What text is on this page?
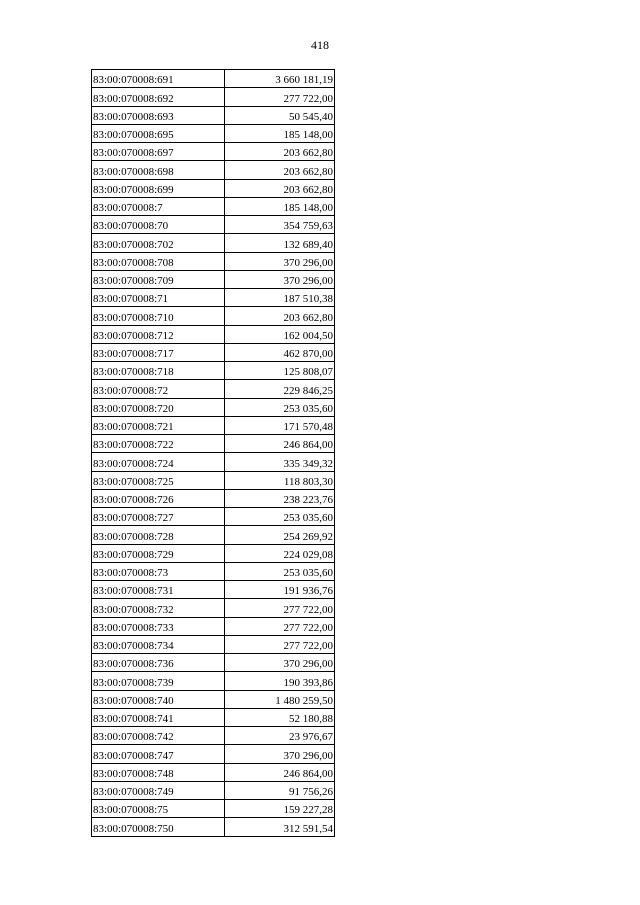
418
83:00:070008:691	3 660 181,19
83:00:070008:692	277 722,00
83:00:070008:693	50 545,40
83:00:070008:695	185 148,00
83:00:070008:697	203 662,80
83:00:070008:698	203 662,80
83:00:070008:699	203 662,80
83:00:070008:7	185 148,00
83:00:070008:70	354 759,63
83:00:070008:702	132 689,40
83:00:070008:708	370 296,00
83:00:070008:709	370 296,00
83:00:070008:71	187 510,38
83:00:070008:710	203 662,80
83:00:070008:712	162 004,50
83:00:070008:717	462 870,00
83:00:070008:718	125 808,07
83:00:070008:72	229 846,25
83:00:070008:720	253 035,60
83:00:070008:721	171 570,48
83:00:070008:722	246 864,00
83:00:070008:724	335 349,32
83:00:070008:725	118 803,30
83:00:070008:726	238 223,76
83:00:070008:727	253 035,60
83:00:070008:728	254 269,92
83:00:070008:729	224 029,08
83:00:070008:73	253 035,60
83:00:070008:731	191 936,76
83:00:070008:732	277 722,00
83:00:070008:733	277 722,00
83:00:070008:734	277 722,00
83:00:070008:736	370 296,00
83:00:070008:739	190 393,86
83:00:070008:740	1 480 259,50
83:00:070008:741	52 180,88
83:00:070008:742	23 976,67
83:00:070008:747	370 296,00
83:00:070008:748	246 864,00
83:00:070008:749	91 756,26
83:00:070008:75	159 227,28
83:00:070008:750	312 591,54
